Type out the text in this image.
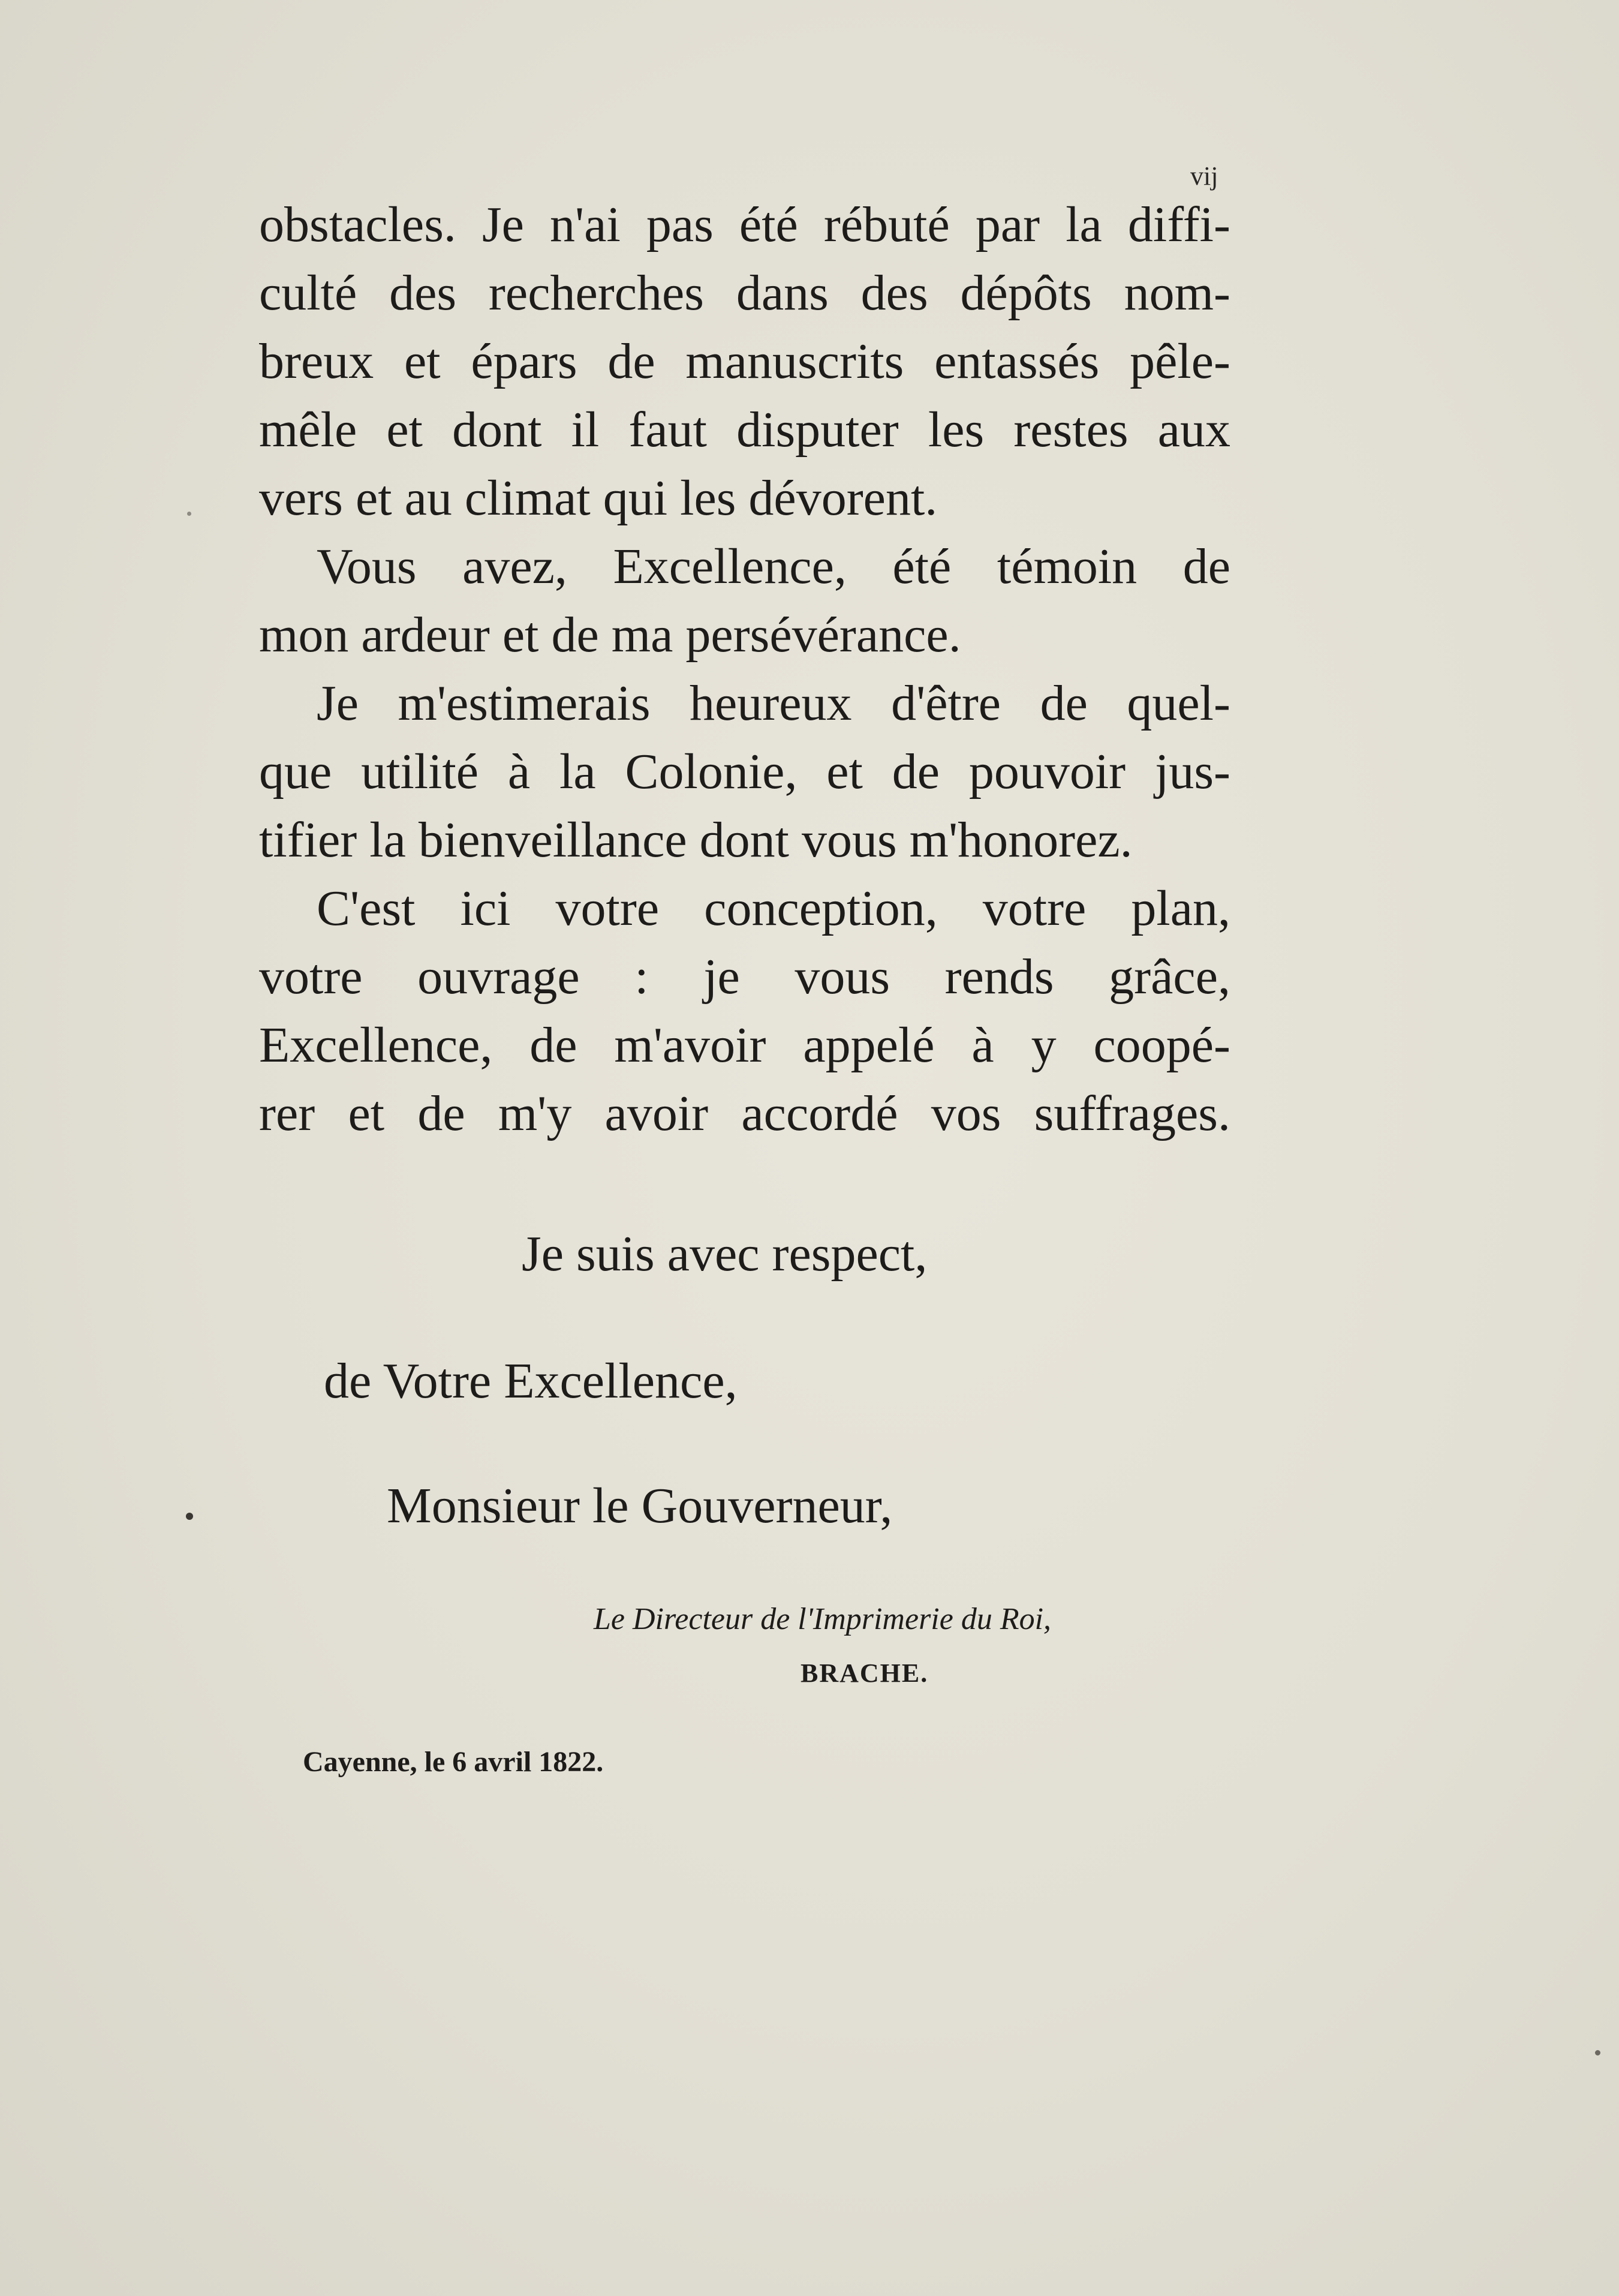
vij
obstacles. Je n'ai pas été rébuté par la diffi-
culté des recherches dans des dépôts nom-
breux et épars de manuscrits entassés pêle-
mêle et dont il faut disputer les restes aux
vers et au climat qui les dévorent.
Vous avez, Excellence, été témoin de
mon ardeur et de ma persévérance.
Je m'estimerais heureux d'être de quel-
que utilité à la Colonie, et de pouvoir jus-
tifier la bienveillance dont vous m'honorez.
C'est ici votre conception, votre plan,
votre ouvrage : je vous rends grâce,
Excellence, de m'avoir appelé à y coopé-
rer et de m'y avoir accordé vos suffrages.
Je suis avec respect,
de Votre Excellence,
Monsieur le Gouverneur,
Le Directeur de l'Imprimerie du Roi,
BRACHE.
Cayenne, le 6 avril 1822.
